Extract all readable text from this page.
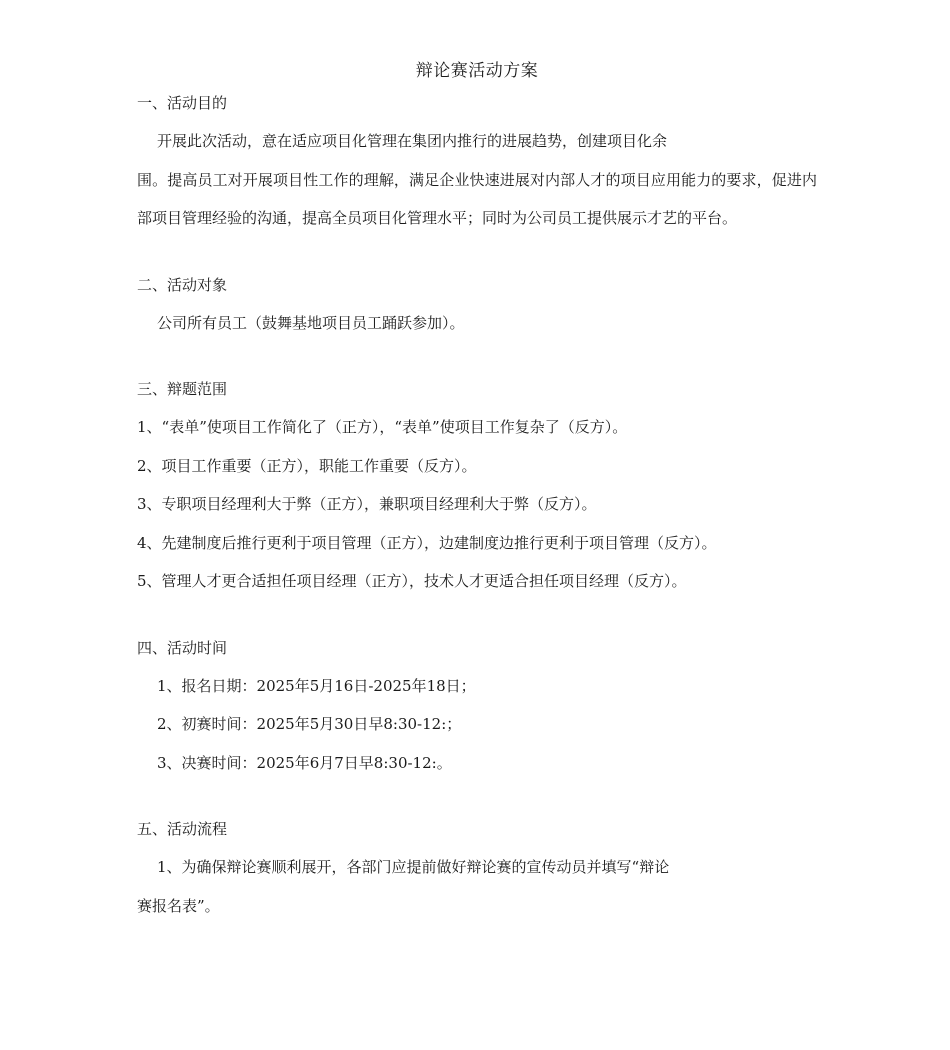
辩论赛活动方案
一、活动目的
开展此次活动，意在适应项目化管理在集团内推行的进展趋势，创建项目化余

围。提高员工对开展项目性工作的理解，满足企业快速进展对内部人才的项目应用能力的要求，促进内部项目管理经验的沟通，提高全员项目化管理水平；同时为公司员工提供展示才艺的平台。

二、活动对象
公司所有员工（鼓舞基地项目员工踊跃参加）。
三、辩题范围
1、“表单”使项目工作简化了（正方），“表单”使项目工作复杂了（反方）。
2、项目工作重要（正方），职能工作重要（反方）。
3、专职项目经理利大于弊（正方），兼职项目经理利大于弊（反方）。

4、先建制度后推行更利于项目管理（正方），边建制度边推行更利于项目管理（反方）。

5、管理人才更合适担任项目经理（正方），技术人才更适合担任项目经理（反方）。
四、活动时间
1、报名日期：2025年5月16日-2025年18日；
2、初赛时间：2025年5月30日早8:30-12:；
3、决赛时间：2025年6月7日早8:30-12:。
五、活动流程
1、为确保辩论赛顺利展开，各部门应提前做好辩论赛的宣传动员并填写“辩论
赛报名表”。
